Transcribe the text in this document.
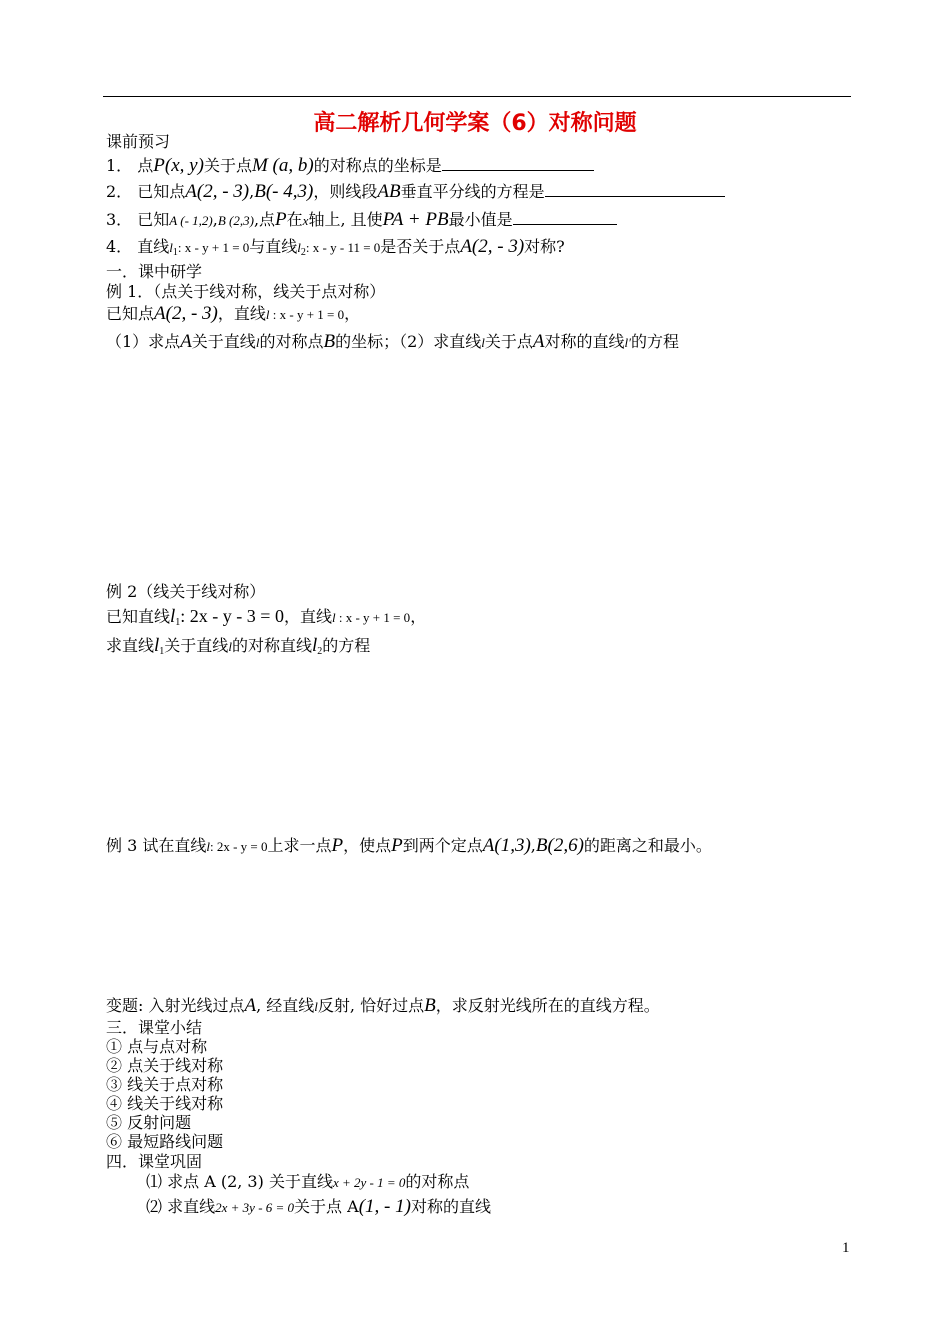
高二解析几何学案（6）对称问题
课前预习
1． 点P(x, y)关于点M (a, b)的对称点的坐标是
2． 已知点A(2, - 3),B(- 4,3)，则线段AB垂直平分线的方程是
3． 已知A (- 1,2),B (2,3),点P在x轴上, 且使PA + PB最小值是
4． 直线$l_1$: x - y + 1 = 0与直线$l_2$: x - y - 11 = 0是否关于点A(2, - 3)对称?
一．课中研学
例 1．（点关于线对称，线关于点对称）
已知点A(2, - 3)，直线l : x - y + 1 = 0，
（1）求点A关于直线l的对称点B的坐标；（2）求直线l关于点A对称的直线l′的方程
例 2（线关于线对称）
已知直线$l_1$: 2x - y - 3 = 0，直线l : x - y + 1 = 0，
求直线$l_1$关于直线l的对称直线$l_2$的方程
例 3 试在直线l: 2x - y = 0上求一点P，使点P到两个定点A(1,3),B(2,6)的距离之和最小。
变题: 入射光线过点A, 经直线l反射, 恰好过点B，求反射光线所在的直线方程。
三．课堂小结
① 点与点对称
② 点关于线对称
③ 线关于点对称
④ 线关于线对称
⑤ 反射问题
⑥ 最短路线问题
四．课堂巩固
⑴ 求点 A (2, 3) 关于直线x + 2y - 1 = 0的对称点
⑵ 求直线2x + 3y - 6 = 0关于点 A(1, - 1)对称的直线
1
